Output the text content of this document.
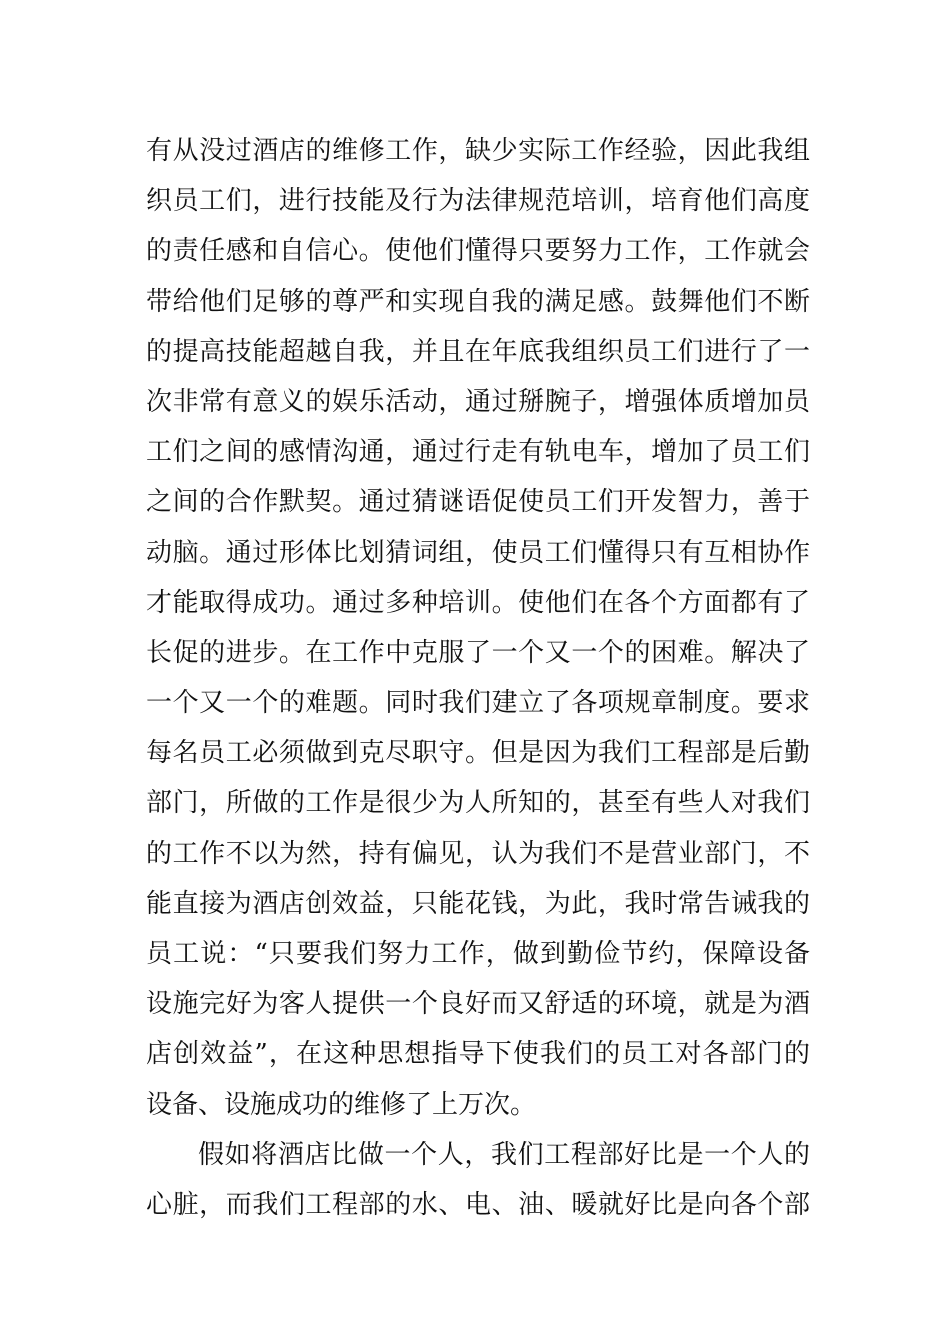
有从没过酒店的维修工作，缺少实际工作经验，因此我组
织员工们，进行技能及行为法律规范培训，培育他们高度
的责任感和自信心。使他们懂得只要努力工作，工作就会
带给他们足够的尊严和实现自我的满足感。鼓舞他们不断
的提高技能超越自我，并且在年底我组织员工们进行了一
次非常有意义的娱乐活动，通过掰腕子，增强体质增加员
工们之间的感情沟通，通过行走有轨电车，增加了员工们
之间的合作默契。通过猜谜语促使员工们开发智力，善于
动脑。通过形体比划猜词组，使员工们懂得只有互相协作
才能取得成功。通过多种培训。使他们在各个方面都有了
长促的进步。在工作中克服了一个又一个的困难。解决了
一个又一个的难题。同时我们建立了各项规章制度。要求
每名员工必须做到克尽职守。但是因为我们工程部是后勤
部门，所做的工作是很少为人所知的，甚至有些人对我们
的工作不以为然，持有偏见，认为我们不是营业部门，不
能直接为酒店创效益，只能花钱，为此，我时常告诫我的
员工说：“只要我们努力工作，做到勤俭节约，保障设备
设施完好为客人提供一个良好而又舒适的环境，就是为酒
店创效益”，在这种思想指导下使我们的员工对各部门的
设备、设施成功的维修了上万次。
假如将酒店比做一个人，我们工程部好比是一个人的
心脏，而我们工程部的水、电、油、暖就好比是向各个部
